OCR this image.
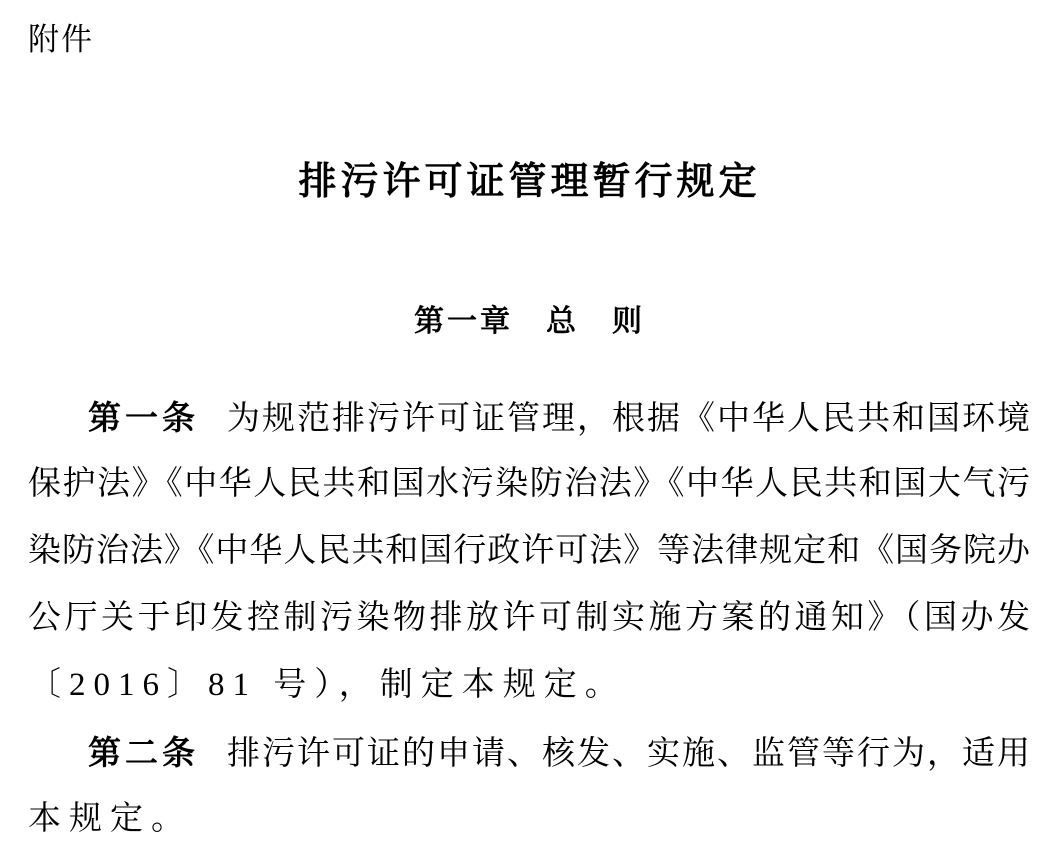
附件
排污许可证管理暂行规定
第一章　总　则
第一条 为规范排污许可证管理，根据《中华人民共和国环境
保护法》《中华人民共和国水污染防治法》《中华人民共和国大气污
染防治法》《中华人民共和国行政许可法》等法律规定和《国务院办
公厅关于印发控制污染物排放许可制实施方案的通知》（国办发
〔2016〕81 号），制定本规定。
第二条 排污许可证的申请、核发、实施、监管等行为，适用
本规定。
